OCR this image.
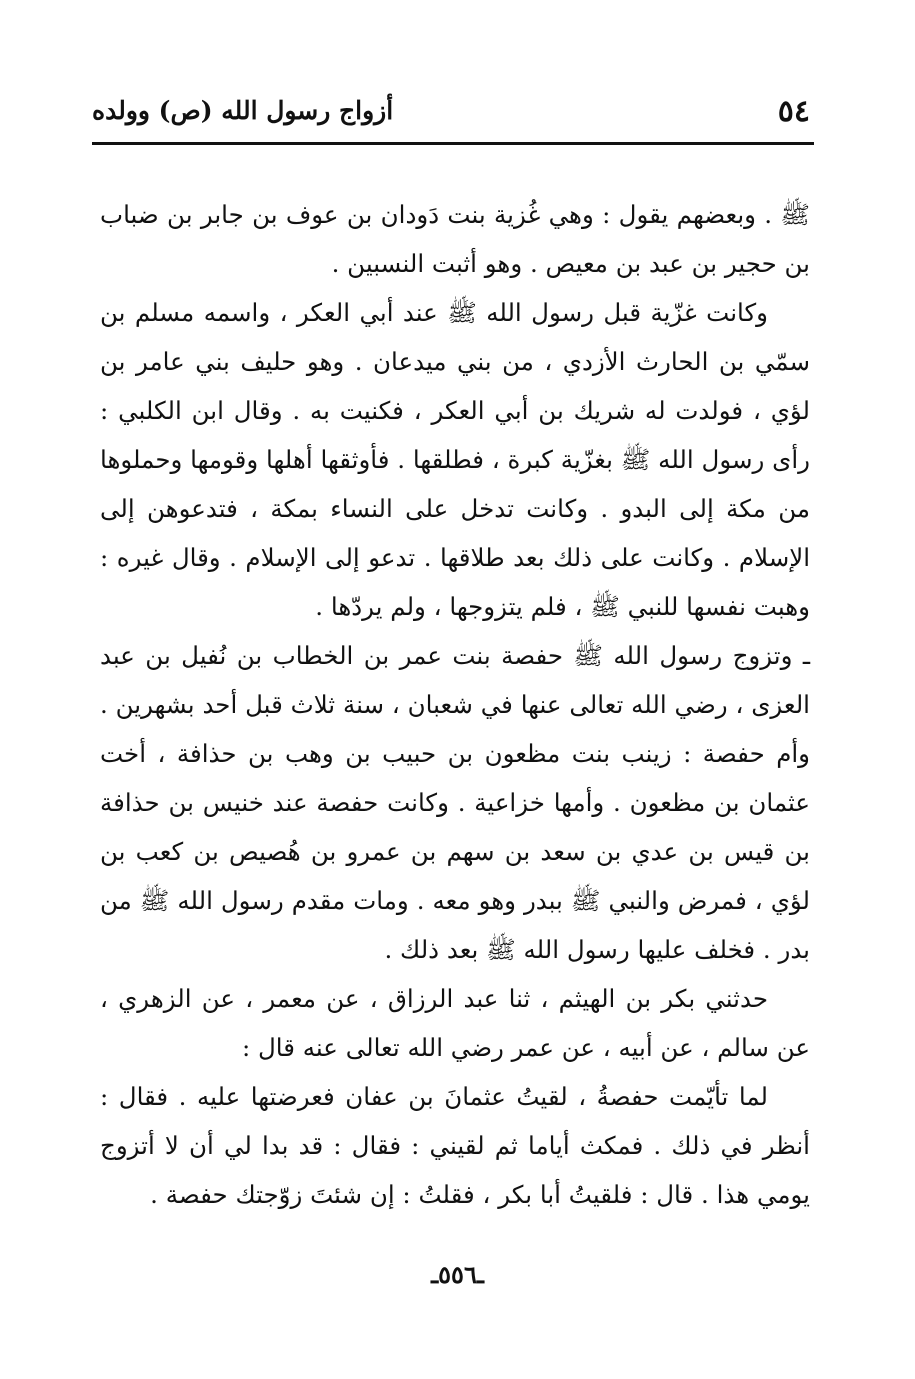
٥٤
أزواج رسول الله (ص) وولده

ﷺ . وبعضهم يقول : وهي غُزية بنت دَودان بن عوف بن جابر بن ضباب بن حجير بن عبد بن معيص . وهو أثبت النسبين .

وكانت غزّية قبل رسول الله ﷺ عند أبي العكر ، واسمه مسلم بن سمّي بن الحارث الأزدي ، من بني ميدعان . وهو حليف بني عامر بن لؤي ، فولدت له شريك بن أبي العكر ، فكنيت به . وقال ابن الكلبي : رأى رسول الله ﷺ بغزّية كبرة ، فطلقها . فأوثقها أهلها وقومها وحملوها من مكة إلى البدو . وكانت تدخل على النساء بمكة ، فتدعوهن إلى الإسلام . وكانت على ذلك بعد طلاقها . تدعو إلى الإسلام . وقال غيره : وهبت نفسها للنبي ﷺ ، فلم يتزوجها ، ولم يردّها .

ـ وتزوج رسول الله ﷺ حفصة بنت عمر بن الخطاب بن نُفيل بن عبد العزى ، رضي الله تعالى عنها في شعبان ، سنة ثلاث قبل أحد بشهرين . وأم حفصة : زينب بنت مظعون بن حبيب بن وهب بن حذافة ، أخت عثمان بن مظعون . وأمها خزاعية . وكانت حفصة عند خنيس بن حذافة بن قيس بن عدي بن سعد بن سهم بن عمرو بن هُصيص بن كعب بن لؤي ، فمرض والنبي ﷺ ببدر وهو معه . ومات مقدم رسول الله ﷺ من بدر . فخلف عليها رسول الله ﷺ بعد ذلك .

حدثني بكر بن الهيثم ، ثنا عبد الرزاق ، عن معمر ، عن الزهري ، عن سالم ، عن أبيه ، عن عمر رضي الله تعالى عنه قال :

لما تأيّمت حفصةُ ، لقيتُ عثمانَ بن عفان فعرضتها عليه . فقال : أنظر في ذلك . فمكث أياما ثم لقيني : فقال : قد بدا لي أن لا أتزوج يومي هذا . قال : فلقيتُ أبا بكر ، فقلتُ : إن شئتَ زوّجتك حفصة .

ـ٥٥٦ـ
